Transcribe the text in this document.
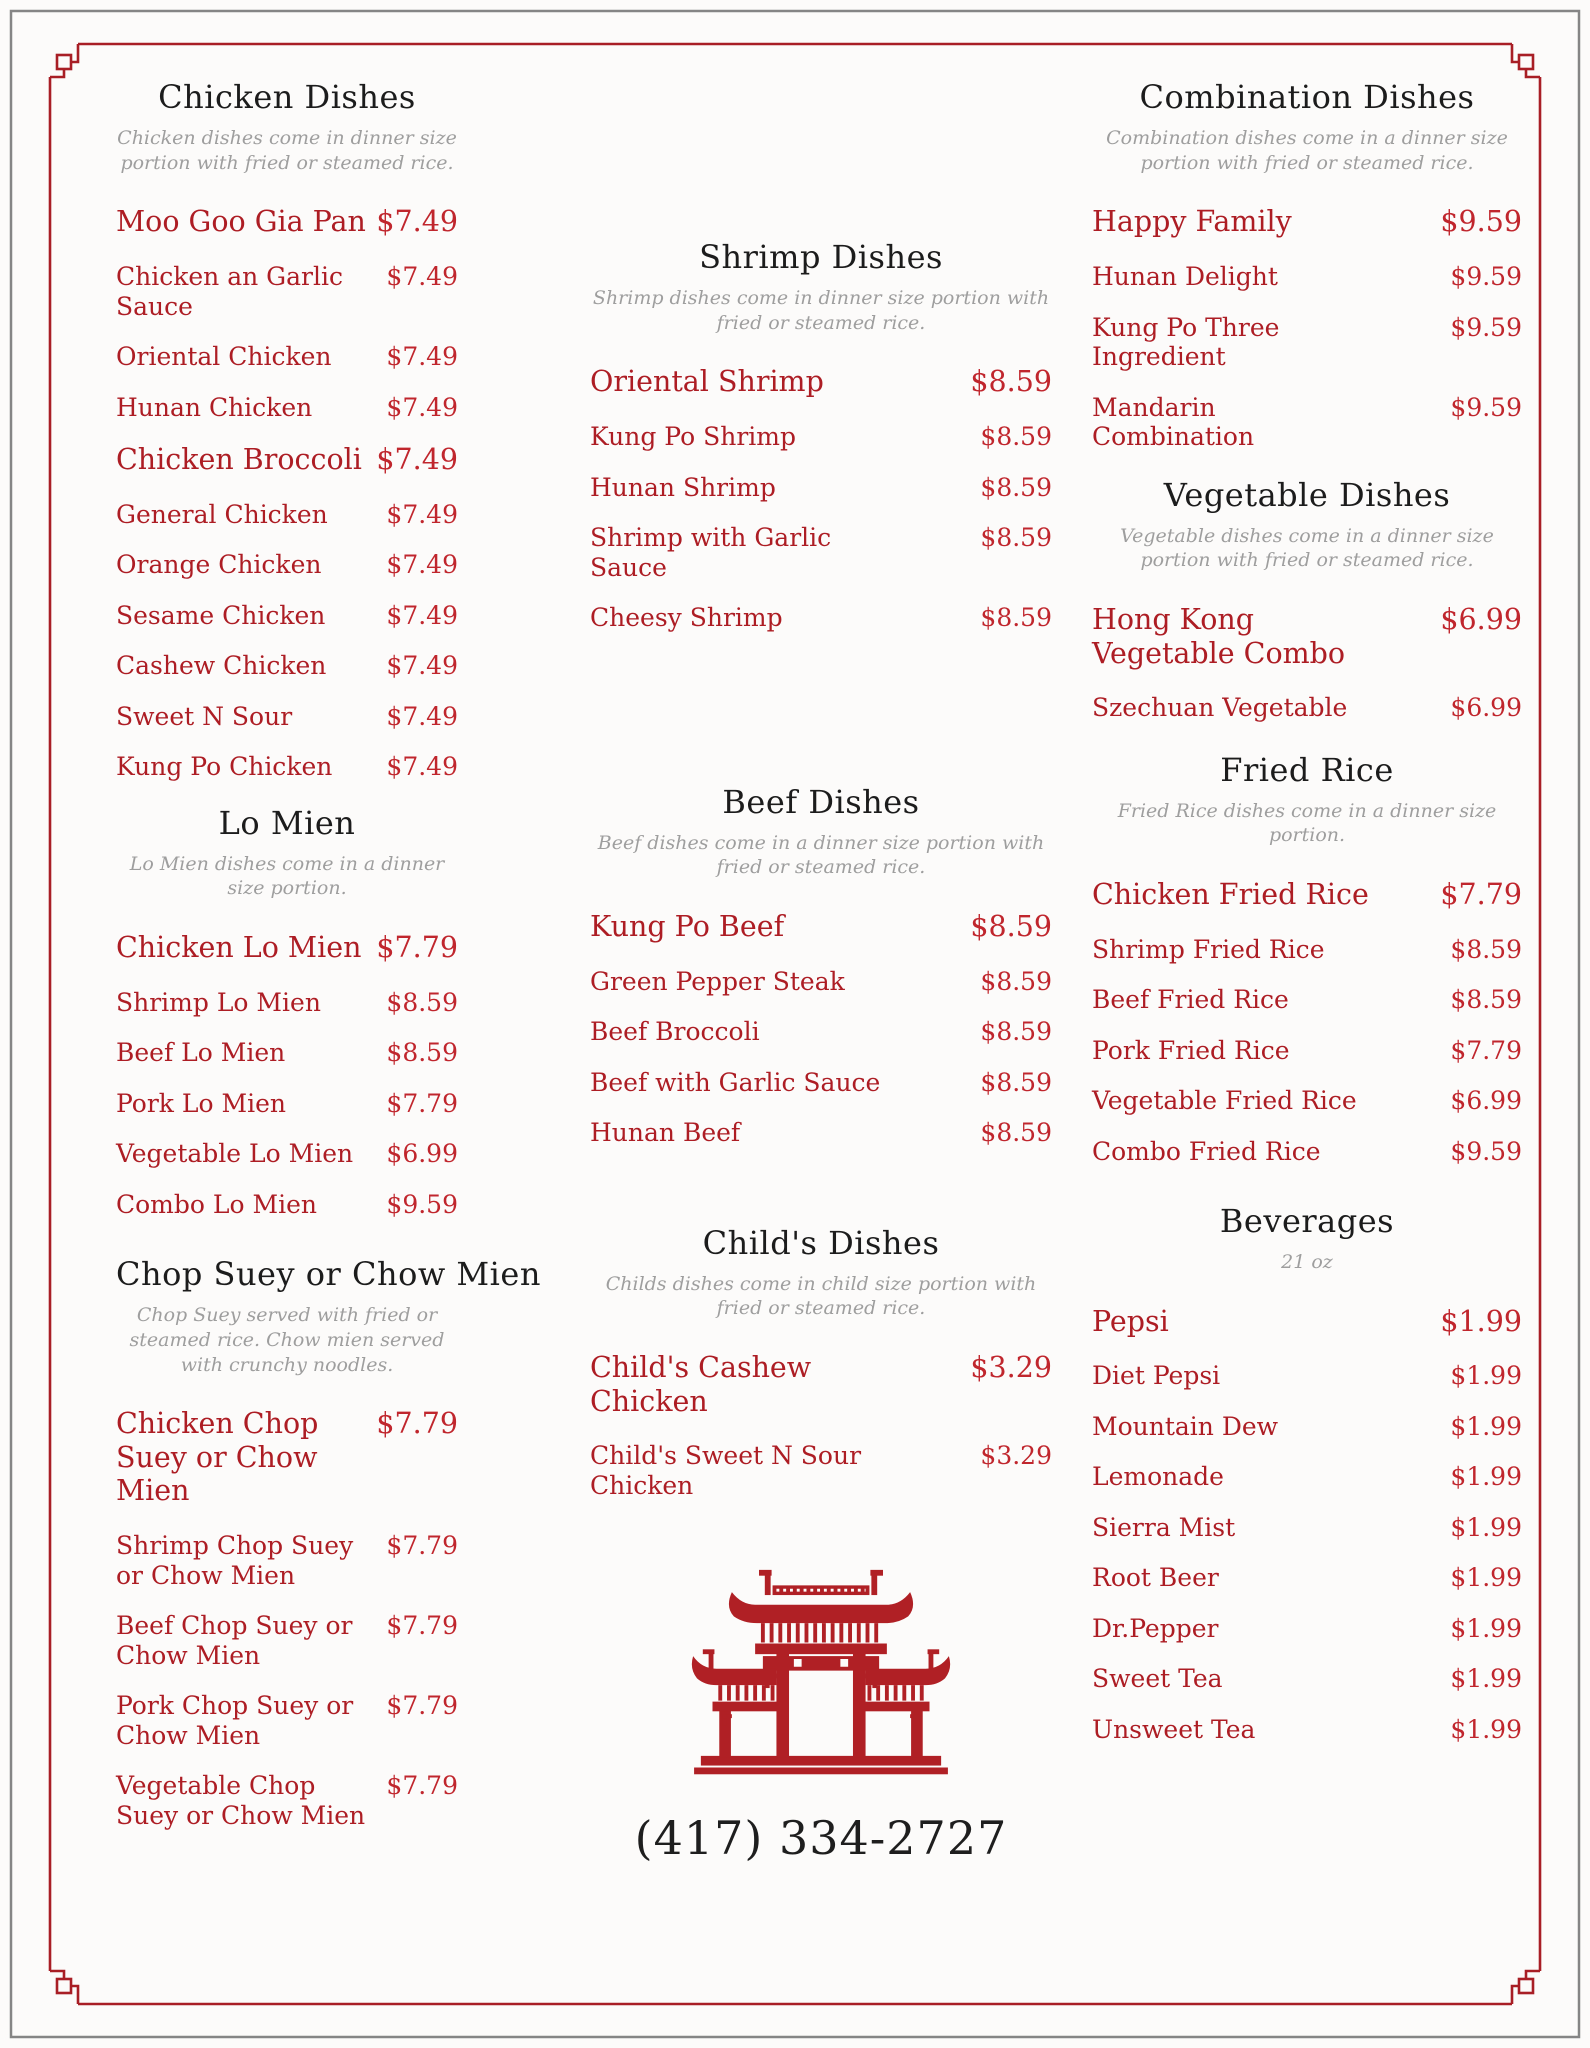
Chicken Dishes

Chicken dishes come in dinner size portion with fried or steamed rice.

Moo Goo Gia Pan $7.49
Chicken an Garlic Sauce
$7.49
Oriental Chicken	$7.49
Hunan Chicken	$7.49
Chicken Broccoli $7.49
General Chicken	$7.49
Orange Chicken	$7.49
Sesame Chicken	$7.49
Cashew Chicken	$7.49
Sweet N Sour	$7.49
Kung Po Chicken	$7.49
Lo Mien

Lo Mien dishes come in a dinner size portion.

Chicken Lo Mien $7.79
Shrimp Lo Mien	$8.59
Beef Lo Mien	$8.59
Pork Lo Mien	$7.79
Vegetable Lo Mien	$6.99
Combo Lo Mien	$9.59
Chop Suey or Chow Mien

Chop Suey served with fried or steamed rice. Chow mien served with crunchy noodles.

Chicken Chop Suey or Chow Mien
$7.79
Shrimp Chop Suey or Chow Mien
$7.79
Beef Chop Suey or Chow Mien
$7.79
Pork Chop Suey or Chow Mien
$7.79
Vegetable Chop Suey or Chow Mien
$7.79
Shrimp Dishes

Shrimp dishes come in dinner size portion with fried or steamed rice.

Oriental Shrimp	$8.59
Kung Po Shrimp	$8.59
Hunan Shrimp	$8.59
Shrimp with Garlic Sauce
$8.59
Cheesy Shrimp	$8.59
Beef Dishes

Beef dishes come in a dinner size portion with fried or steamed rice.

Kung Po Beef	$8.59
Green Pepper Steak	$8.59
Beef Broccoli	$8.59
Beef with Garlic Sauce	$8.59
Hunan Beef	$8.59
Child's Dishes

Childs dishes come in child size portion with fried or steamed rice.

Child's Cashew Chicken
$3.29
Child's Sweet N Sour Chicken
$3.29
(417) 334-2727
Combination Dishes

Combination dishes come in a dinner size portion with fried or steamed rice.

Happy Family	$9.59
Hunan Delight	$9.59
Kung Po Three Ingredient
$9.59
Mandarin Combination
$9.59
Vegetable Dishes

Vegetable dishes come in a dinner size portion with fried or steamed rice.

Hong Kong Vegetable Combo
$6.99
Szechuan Vegetable	$6.99
Fried Rice

Fried Rice dishes come in a dinner size portion.

Chicken Fried Rice	$7.79
Shrimp Fried Rice	$8.59
Beef Fried Rice	$8.59
Pork Fried Rice	$7.79
Vegetable Fried Rice	$6.99
Combo Fried Rice	$9.59
Beverages

21 oz

Pepsi	$1.99
Diet Pepsi	$1.99
Mountain Dew	$1.99
Lemonade	$1.99
Sierra Mist	$1.99
Root Beer	$1.99
Dr.Pepper	$1.99
Sweet Tea	$1.99
Unsweet Tea	$1.99
